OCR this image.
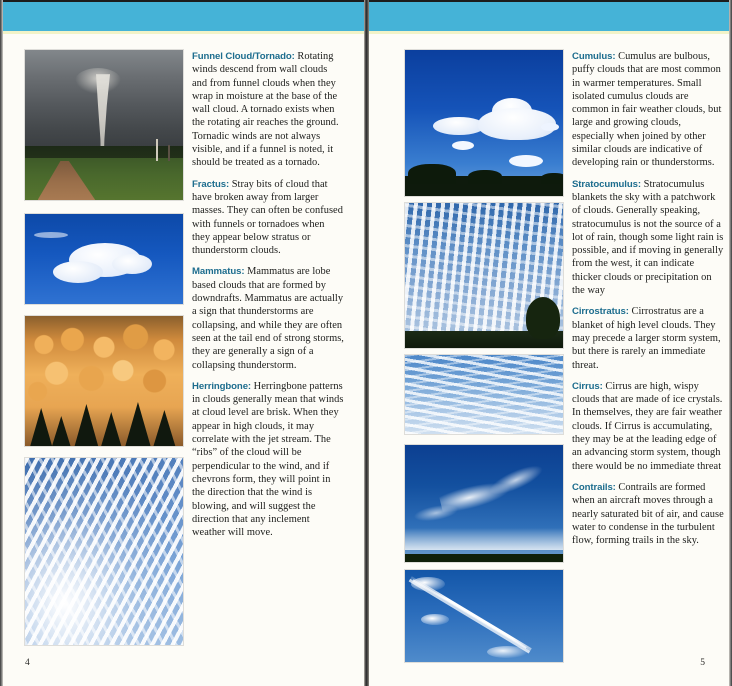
Funnel Cloud/Tornado: Rotating winds descend from wall clouds and from funnel clouds when they wrap in moisture at the base of the wall cloud. A tornado exists when the rotating air reaches the ground. Tornadic winds are not always visible, and if a funnel is noted, it should be treated as a tornado.

Fractus: Stray bits of cloud that have broken away from larger masses. They can often be confused with funnels or tornadoes when they appear below stratus or thunderstorm clouds.

Mammatus: Mammatus are lobe based clouds that are formed by downdrafts. Mammatus are actually a sign that thunderstorms are collapsing, and while they are often seen at the tail end of strong storms, they are generally a sign of a collapsing thunderstorm.

Herringbone: Herringbone patterns in clouds generally mean that winds at cloud level are brisk. When they appear in high clouds, it may correlate with the jet stream. The “ribs” of the cloud will be perpendicular to the wind, and if chevrons form, they will point in the direction that the wind is blowing, and will suggest the direction that any inclement weather will move.

4

Cumulus: Cumulus are bulbous, puffy clouds that are most common in warmer temperatures. Small isolated cumulus clouds are common in fair weather clouds, but large and growing clouds, especially when joined by other similar clouds are indicative of developing rain or thunderstorms.

Stratocumulus: Stratocumulus blankets the sky with a patchwork of clouds. Generally speaking, stratocumulus is not the source of a lot of rain, though some light rain is possible, and if moving in generally from the west, it can indicate thicker clouds or precipitation on the way

Cirrostratus: Cirrostratus are a blanket of high level clouds. They may precede a larger storm system, but there is rarely an immediate threat.

Cirrus: Cirrus are high, wispy clouds that are made of ice crystals. In themselves, they are fair weather clouds. If Cirrus is accumulating, they may be at the leading edge of an advancing storm system, though there would be no immediate threat

Contrails: Contrails are formed when an aircraft moves through a nearly saturated bit of air, and cause water to condense in the turbulent flow, forming trails in the sky.

5
